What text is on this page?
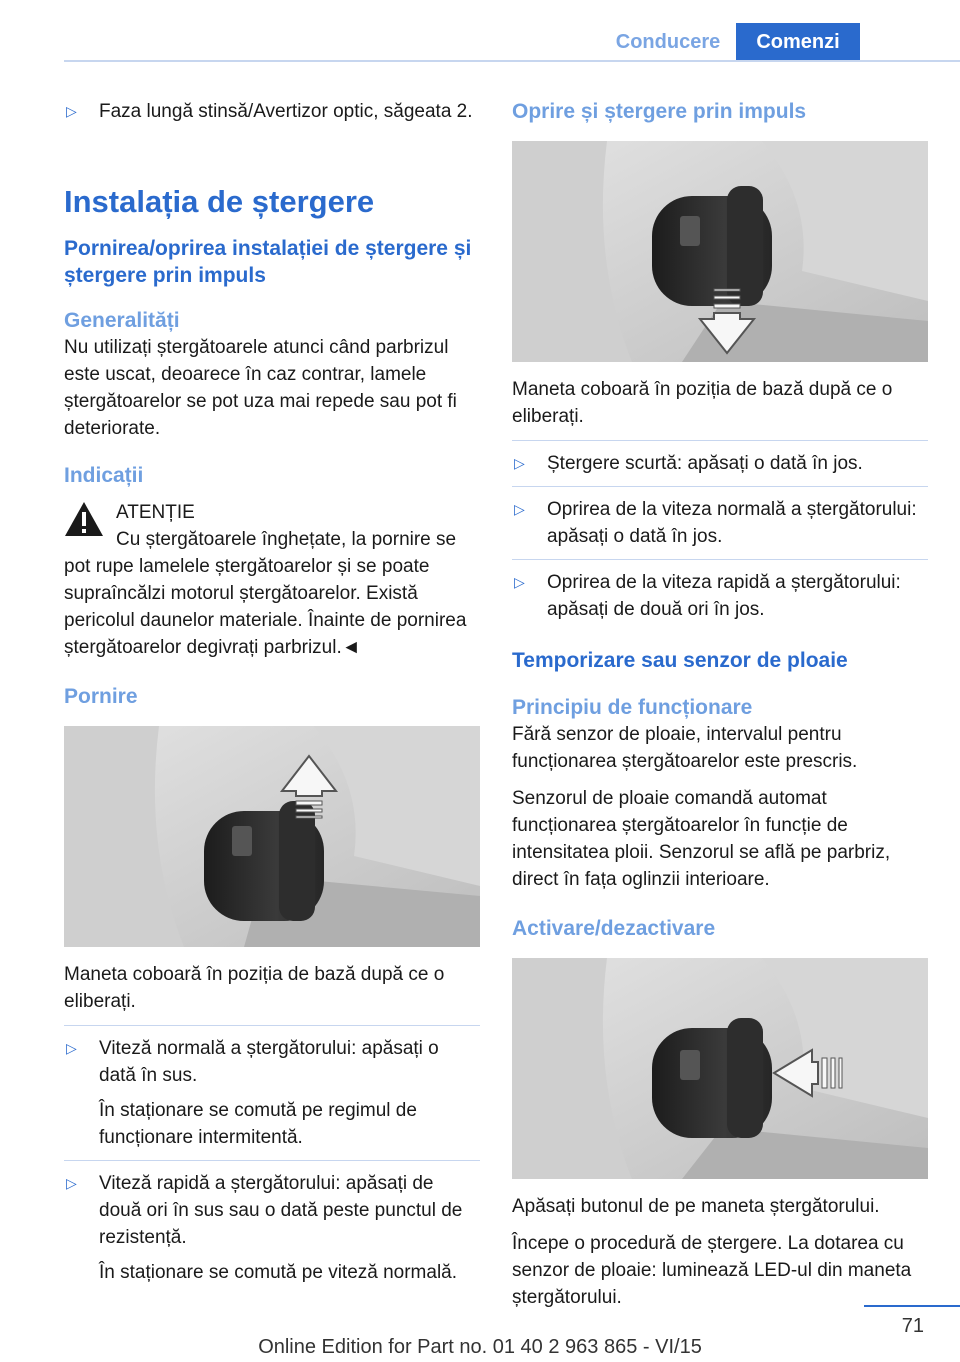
Conducere	Comenzi
▷ Faza lungă stinsă/Avertizor optic, săgeata 2.
Instalația de ștergere
Pornirea/oprirea instalației de ștergere și ștergere prin impuls
Generalități

Nu utilizați ștergătoarele atunci când parbrizul este uscat, deoarece în caz contrar, lamele ștergătoarelor se pot uza mai repede sau pot fi deteriorate.

Indicații

ATENȚIE

Cu ștergătoarele înghețate, la pornire se

pot rupe lamelele ștergătoarelor și se poate supraîncălzi motorul ștergătoarelor. Există pericolul daunelor materiale. Înainte de pornirea ștergătoarelor degivrați parbrizul.◄

Pornire

Maneta coboară în poziția de bază după ce o eliberați.

▷ Viteză normală a ștergătorului: apăsați o dată în sus.
În staționare se comută pe regimul de funcționare intermitentă.
▷ Viteză rapidă a ștergătorului: apăsați de două ori în sus sau o dată peste punctul de rezistență.
În staționare se comută pe viteză normală.
Oprire și ștergere prin impuls

Maneta coboară în poziția de bază după ce o eliberați.

▷ Ștergere scurtă: apăsați o dată în jos.
▷ Oprirea de la viteza normală a ștergătorului: apăsați o dată în jos.
▷ Oprirea de la viteza rapidă a ștergătorului: apăsați de două ori în jos.
Temporizare sau senzor de ploaie
Principiu de funcționare

Fără senzor de ploaie, intervalul pentru funcționarea ștergătoarelor este prescris.

Senzorul de ploaie comandă automat funcționarea ștergătoarelor în funcție de intensitatea ploii. Senzorul se află pe parbriz, direct în fața oglinzii interioare.

Activare/dezactivare

Apăsați butonul de pe maneta ștergătorului.

Începe o procedură de ștergere. La dotarea cu senzor de ploaie: luminează LED-ul din maneta ștergătorului.

71
Online Edition for Part no. 01 40 2 963 865 - VI/15
